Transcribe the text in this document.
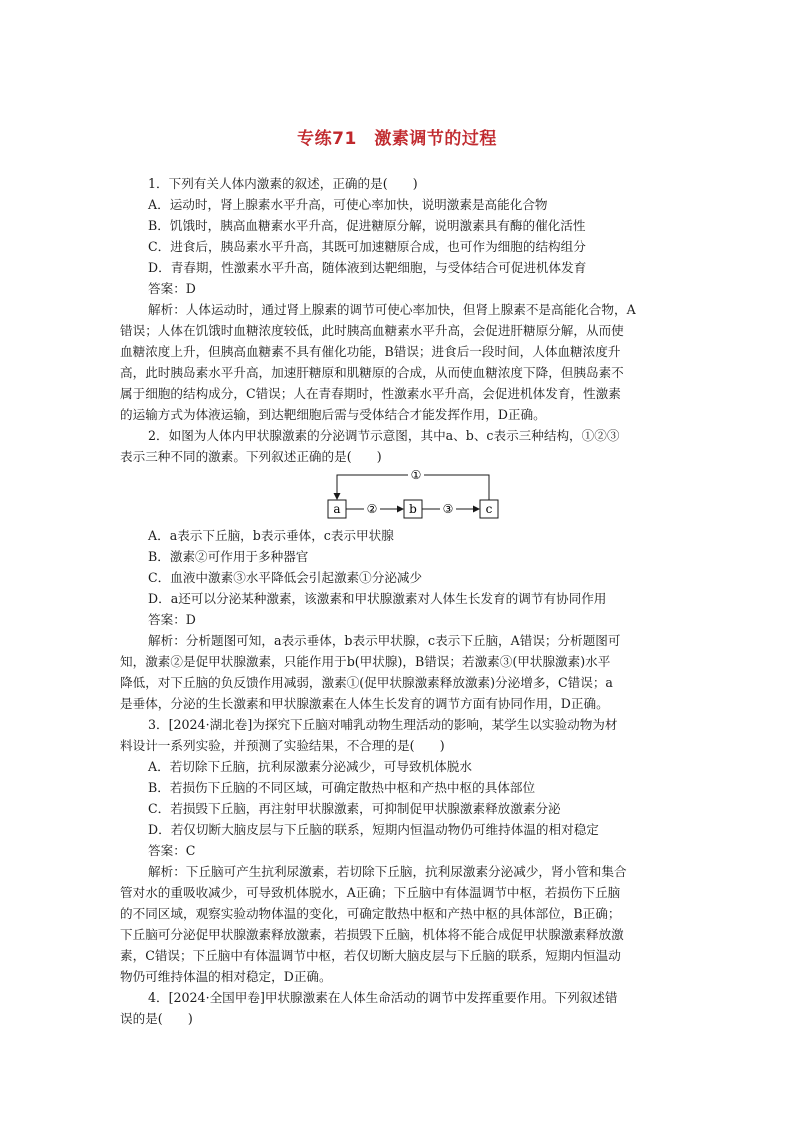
专练71　激素调节的过程
1．下列有关人体内激素的叙述，正确的是(　　)
A．运动时，肾上腺素水平升高，可使心率加快，说明激素是高能化合物
B．饥饿时，胰高血糖素水平升高，促进糖原分解，说明激素具有酶的催化活性
C．进食后，胰岛素水平升高，其既可加速糖原合成，也可作为细胞的结构组分
D．青春期，性激素水平升高，随体液到达靶细胞，与受体结合可促进机体发育
答案：D
解析：人体运动时，通过肾上腺素的调节可使心率加快，但肾上腺素不是高能化合物，A
错误；人体在饥饿时血糖浓度较低，此时胰高血糖素水平升高，会促进肝糖原分解，从而使
血糖浓度上升，但胰高血糖素不具有催化功能，B错误；进食后一段时间，人体血糖浓度升
高，此时胰岛素水平升高，加速肝糖原和肌糖原的合成，从而使血糖浓度下降，但胰岛素不
属于细胞的结构成分，C错误；人在青春期时，性激素水平升高，会促进机体发育，性激素
的运输方式为体液运输，到达靶细胞后需与受体结合才能发挥作用，D正确。
2．如图为人体内甲状腺激素的分泌调节示意图，其中a、b、c表示三种结构，①②③
表示三种不同的激素。下列叙述正确的是(　　)
a	b	c
②	③
①
A．a表示下丘脑，b表示垂体，c表示甲状腺
B．激素②可作用于多种器官
C．血液中激素③水平降低会引起激素①分泌减少
D．a还可以分泌某种激素，该激素和甲状腺激素对人体生长发育的调节有协同作用
答案：D
解析：分析题图可知，a表示垂体，b表示甲状腺，c表示下丘脑，A错误；分析题图可
知，激素②是促甲状腺激素，只能作用于b(甲状腺)，B错误；若激素③(甲状腺激素)水平
降低，对下丘脑的负反馈作用减弱，激素①(促甲状腺激素释放激素)分泌增多，C错误；a
是垂体，分泌的生长激素和甲状腺激素在人体生长发育的调节方面有协同作用，D正确。
3．[2024·湖北卷]为探究下丘脑对哺乳动物生理活动的影响，某学生以实验动物为材
料设计一系列实验，并预测了实验结果，不合理的是(　　)
A．若切除下丘脑，抗利尿激素分泌减少，可导致机体脱水
B．若损伤下丘脑的不同区域，可确定散热中枢和产热中枢的具体部位
C．若损毁下丘脑，再注射甲状腺激素，可抑制促甲状腺激素释放激素分泌
D．若仅切断大脑皮层与下丘脑的联系，短期内恒温动物仍可维持体温的相对稳定
答案：C
解析：下丘脑可产生抗利尿激素，若切除下丘脑，抗利尿激素分泌减少，肾小管和集合
管对水的重吸收减少，可导致机体脱水，A正确；下丘脑中有体温调节中枢，若损伤下丘脑
的不同区域，观察实验动物体温的变化，可确定散热中枢和产热中枢的具体部位，B正确；
下丘脑可分泌促甲状腺激素释放激素，若损毁下丘脑，机体将不能合成促甲状腺激素释放激
素，C错误；下丘脑中有体温调节中枢，若仅切断大脑皮层与下丘脑的联系，短期内恒温动
物仍可维持体温的相对稳定，D正确。
4．[2024·全国甲卷]甲状腺激素在人体生命活动的调节中发挥重要作用。下列叙述错
误的是(　　)
